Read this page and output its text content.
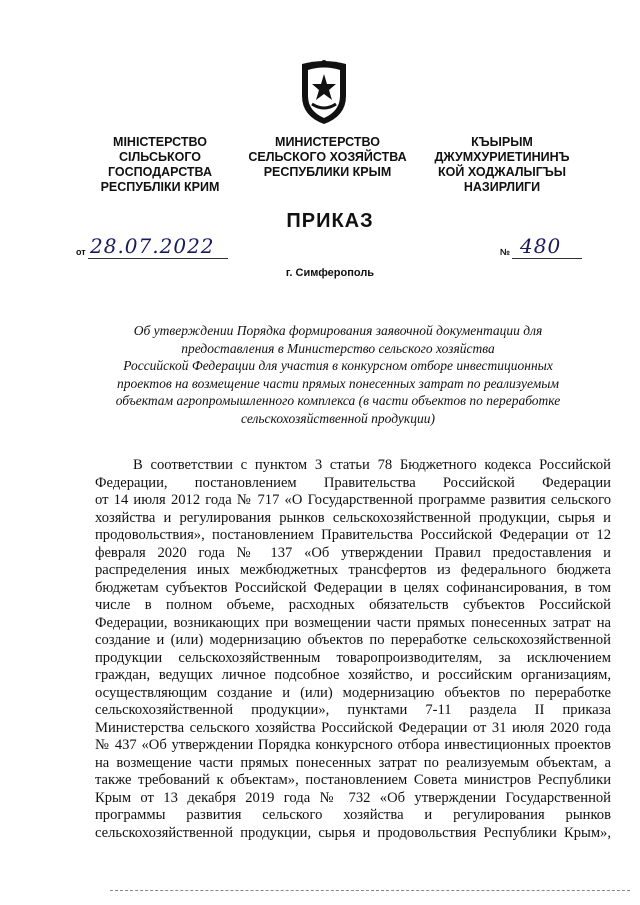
МІНІСТЕРСТВО
СІЛЬСЬКОГО
ГОСПОДАРСТВА
РЕСПУБЛІКИ КРИМ
МИНИСТЕРСТВО
СЕЛЬСКОГО ХОЗЯЙСТВА
РЕСПУБЛИКИ КРЫМ
КЪЫРЫМ
ДЖУМХУРИЕТИНИНЪ
КОЙ ХОДЖАЛЫГЪЫ
НАЗИРЛИГИ
ПРИКАЗ
от 28.07.2022	№ 480
г. Симферополь
Об утверждении Порядка формирования заявочной документации для
предоставления в Министерство сельского хозяйства
Российской Федерации для участия в конкурсном отборе инвестиционных
проектов на возмещение части прямых понесенных затрат по реализуемым
объектам агропромышленного комплекса (в части объектов по переработке
сельскохозяйственной продукции)
В соответствии с пунктом 3 статьи 78 Бюджетного кодекса Российской
Федерации, постановлением Правительства Российской Федерации
от 14 июля 2012 года № 717 «О Государственной программе развития сельского
хозяйства и регулирования рынков сельскохозяйственной продукции, сырья и
продовольствия», постановлением Правительства Российской Федерации от 12
февраля 2020 года № 137 «Об утверждении Правил предоставления и
распределения иных межбюджетных трансфертов из федерального бюджета
бюджетам субъектов Российской Федерации в целях софинансирования, в том
числе в полном объеме, расходных обязательств субъектов Российской
Федерации, возникающих при возмещении части прямых понесенных затрат на
создание и (или) модернизацию объектов по переработке сельскохозяйственной
продукции сельскохозяйственным товаропроизводителям, за исключением
граждан, ведущих личное подсобное хозяйство, и российским организациям,
осуществляющим создание и (или) модернизацию объектов по переработке
сельскохозяйственной продукции», пунктами 7-11 раздела II приказа
Министерства сельского хозяйства Российской Федерации от 31 июля 2020 года
№ 437 «Об утверждении Порядка конкурсного отбора инвестиционных проектов
на возмещение части прямых понесенных затрат по реализуемым объектам, а
также требований к объектам», постановлением Совета министров Республики
Крым от 13 декабря 2019 года № 732 «Об утверждении Государственной
программы развития сельского хозяйства и регулирования рынков
сельскохозяйственной продукции, сырья и продовольствия Республики Крым»,
